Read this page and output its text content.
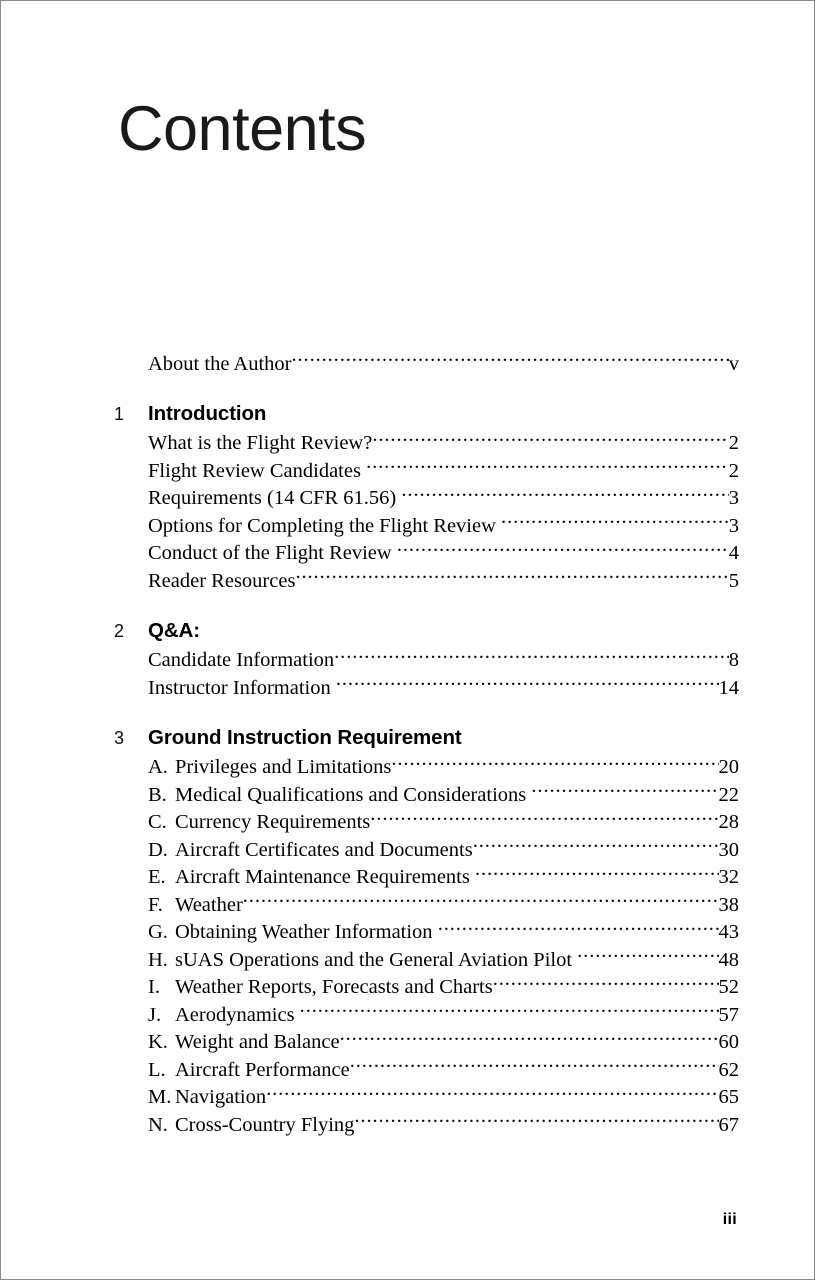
Contents
About the Author .....	v
1	Introduction
What is the Flight Review? .....	2
Flight Review Candidates .....	2
Requirements (14 CFR 61.56) .....	3
Options for Completing the Flight Review .....	3
Conduct of the Flight Review .....	4
Reader Resources .....	5
2	Q&A:
Candidate Information .....	8
Instructor Information .....	14
3	Ground Instruction Requirement
A. Privileges and Limitations .....	20
B. Medical Qualifications and Considerations .....	22
C. Currency Requirements .....	28
D. Aircraft Certificates and Documents .....	30
E. Aircraft Maintenance Requirements .....	32
F. Weather .....	38
G. Obtaining Weather Information .....	43
H. sUAS Operations and the General Aviation Pilot .....	48
I. Weather Reports, Forecasts and Charts .....	52
J. Aerodynamics .....	57
K. Weight and Balance .....	60
L. Aircraft Performance .....	62
M. Navigation .....	65
N. Cross-Country Flying .....	67
iii
